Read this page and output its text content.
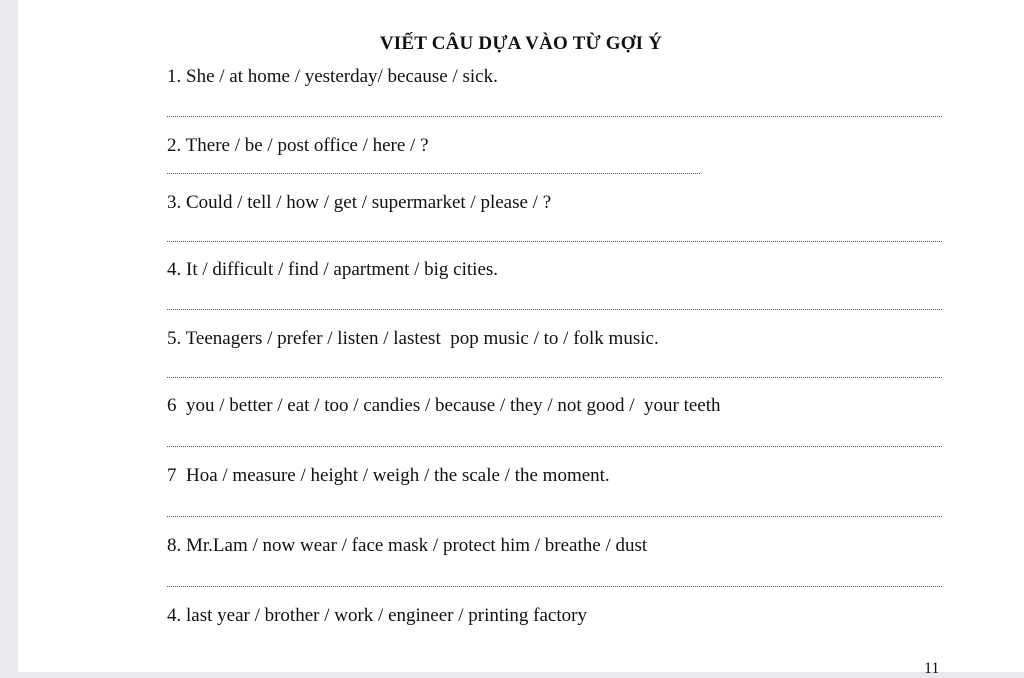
VIẾT CÂU DỰA VÀO TỪ GỢI Ý
1. She / at home / yesterday/ because / sick.
2. There / be / post office / here / ?
3. Could / tell / how / get / supermarket / please / ?
4. It / difficult / find / apartment / big cities.
5. Teenagers / prefer / listen / lastest  pop music / to / folk music.
6  you / better / eat / too / candies / because / they / not good /  your teeth
7  Hoa / measure / height / weigh / the scale / the moment.
8. Mr.Lam / now wear / face mask / protect him / breathe / dust
4. last year / brother / work / engineer / printing factory
11
